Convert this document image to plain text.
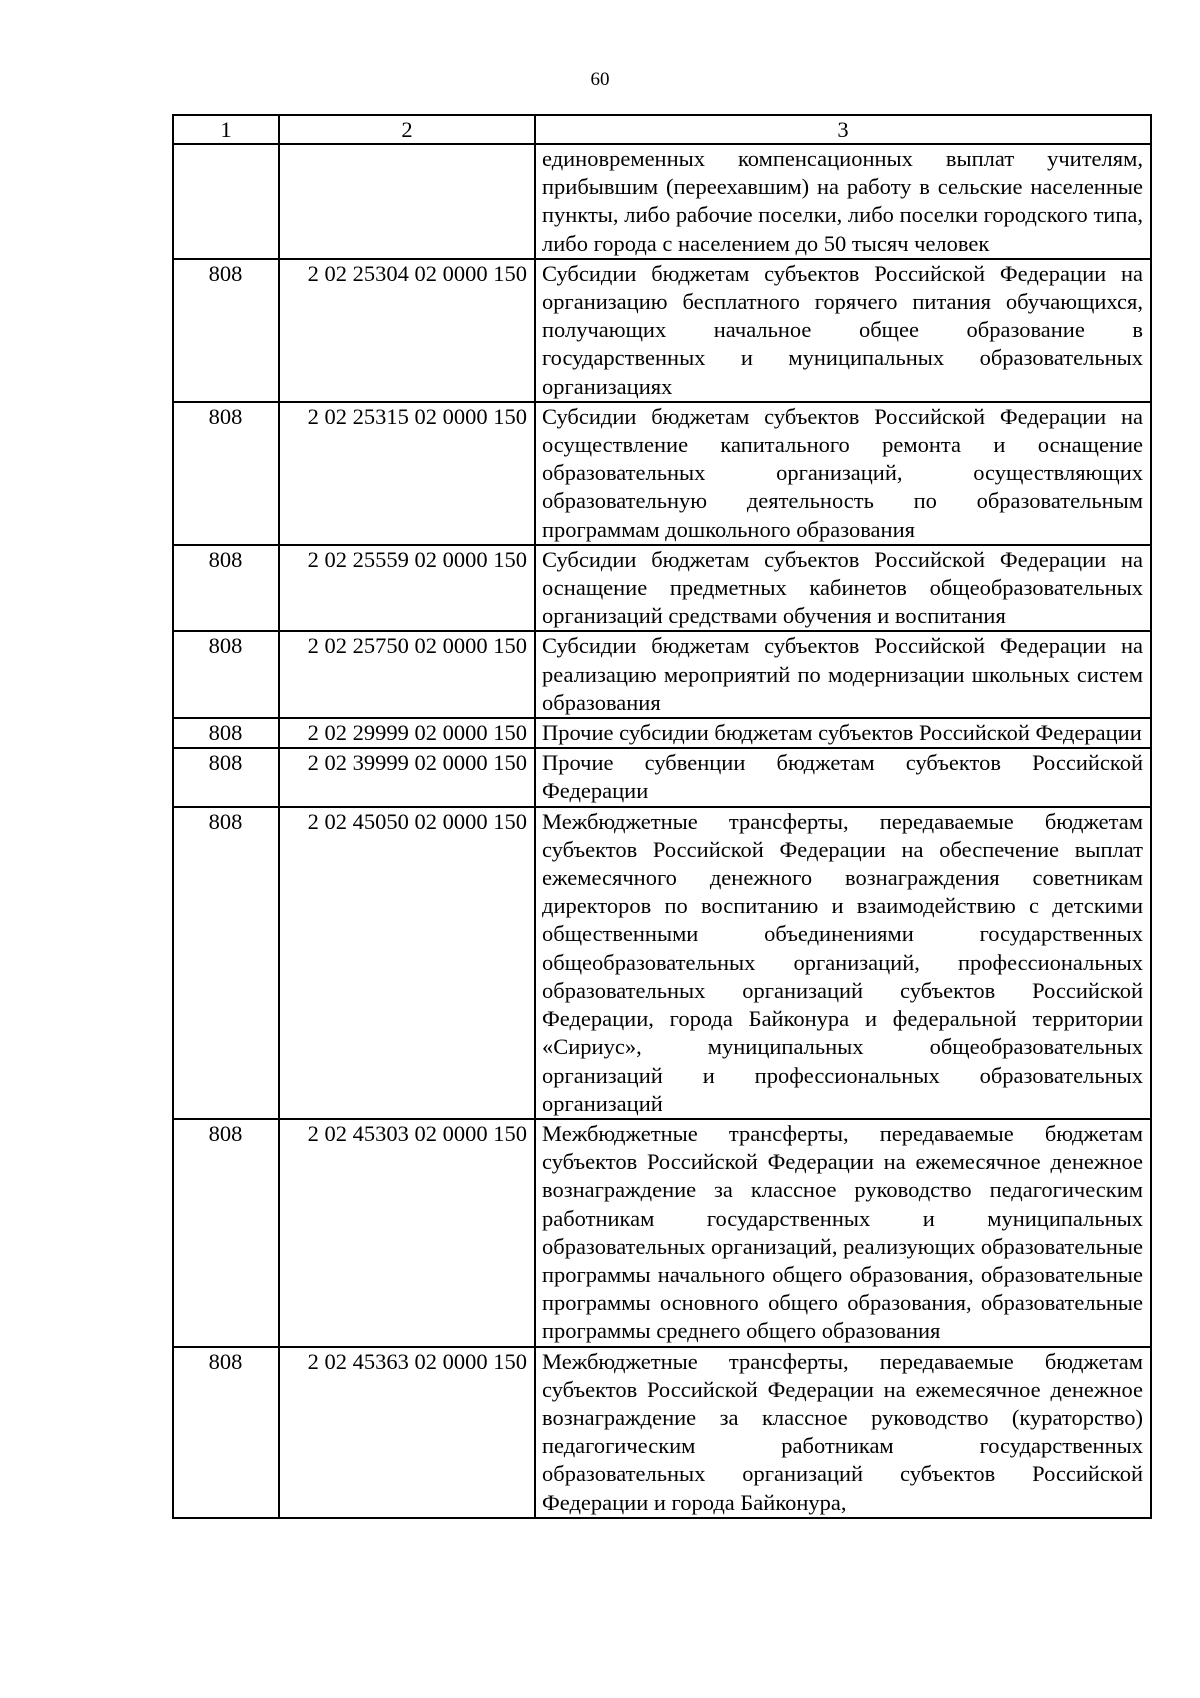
60
1	2	3
		единовременных компенсационных выплат учителям, прибывшим (переехавшим) на работу в сельские населенные пункты, либо рабочие поселки, либо поселки городского типа, либо города с населением до 50 тысяч человек
808	2 02 25304 02 0000 150	Субсидии бюджетам субъектов Российской Федерации на организацию бесплатного горячего питания обучающихся, получающих начальное общее образование в государственных и муниципальных образовательных организациях
808	2 02 25315 02 0000 150	Субсидии бюджетам субъектов Российской Федерации на осуществление капитального ремонта и оснащение образовательных организаций, осуществляющих образовательную деятельность по образовательным программам дошкольного образования
808	2 02 25559 02 0000 150	Субсидии бюджетам субъектов Российской Федерации на оснащение предметных кабинетов общеобразовательных организаций средствами обучения и воспитания
808	2 02 25750 02 0000 150	Субсидии бюджетам субъектов Российской Федерации на реализацию мероприятий по модернизации школьных систем образования
808	2 02 29999 02 0000 150	Прочие субсидии бюджетам субъектов Российской Федерации
808	2 02 39999 02 0000 150	Прочие субвенции бюджетам субъектов Российской Федерации
808	2 02 45050 02 0000 150	Межбюджетные трансферты, передаваемые бюджетам субъектов Российской Федерации на обеспечение выплат ежемесячного денежного вознаграждения советникам директоров по воспитанию и взаимодействию с детскими общественными объединениями государственных общеобразовательных организаций, профессиональных образовательных организаций субъектов Российской Федерации, города Байконура и федеральной территории «Сириус», муниципальных общеобразовательных организаций и профессиональных образовательных организаций
808	2 02 45303 02 0000 150	Межбюджетные трансферты, передаваемые бюджетам субъектов Российской Федерации на ежемесячное денежное вознаграждение за классное руководство педагогическим работникам государственных и муниципальных образовательных организаций, реализующих образовательные программы начального общего образования, образовательные программы основного общего образования, образовательные программы среднего общего образования
808	2 02 45363 02 0000 150	Межбюджетные трансферты, передаваемые бюджетам субъектов Российской Федерации на ежемесячное денежное вознаграждение за классное руководство (кураторство) педагогическим работникам государственных образовательных организаций субъектов Российской Федерации и города Байконура,
